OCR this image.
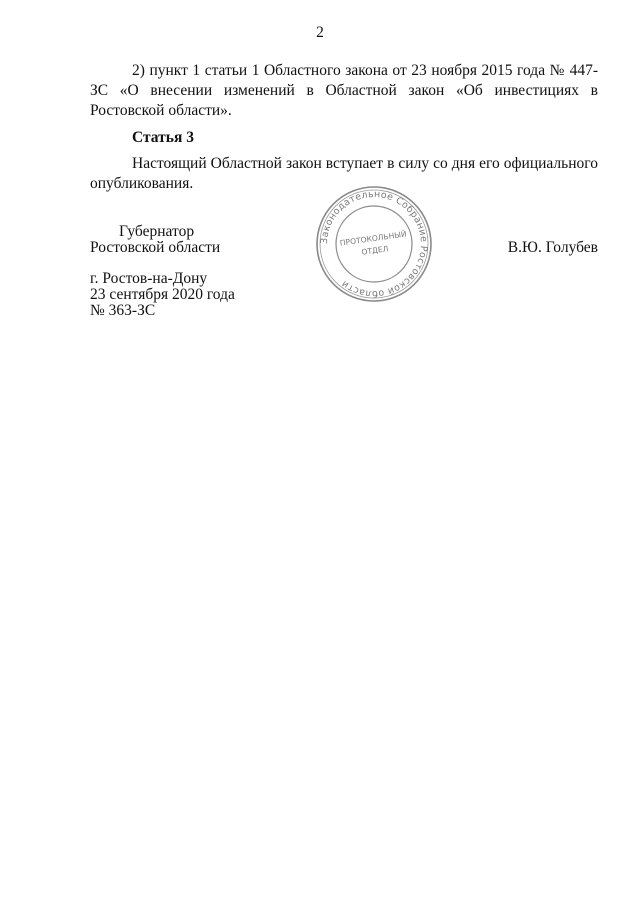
2

2) пункт 1 статьи 1 Областного закона от 23 ноября 2015 года № 447-ЗС «О внесении изменений в Областной закон «Об инвестициях в Ростовской области».

Статья 3

Настоящий Областной закон вступает в силу со дня его официального опубликования.

Губернатор
Ростовской области	В.Ю. Голубев
г. Ростов-на-Дону
23 сентября 2020 года
№ 363-ЗС
Законодательное Собрание Ростовской области
ПРОТОКОЛЬНЫЙ
ОТДЕЛ
